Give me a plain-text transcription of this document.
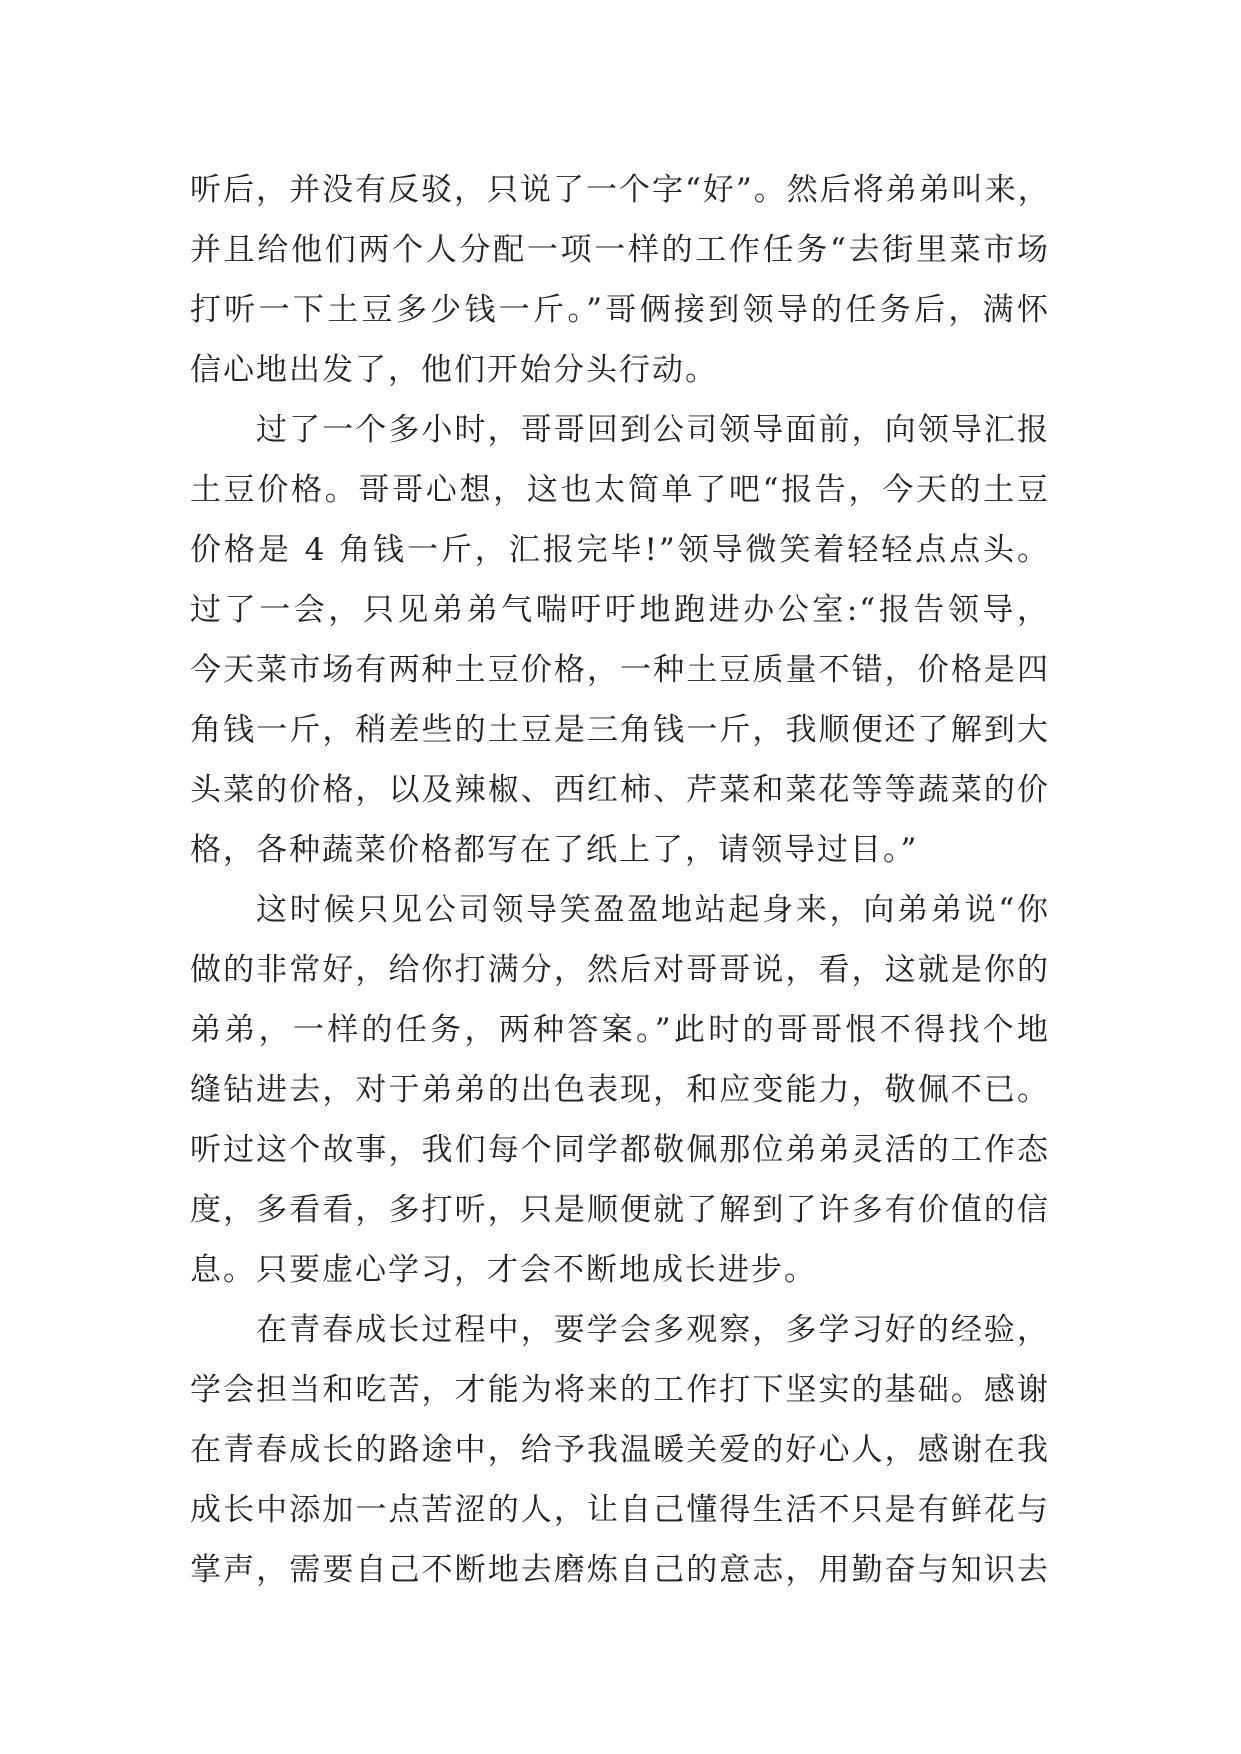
听后，并没有反驳，只说了一个字“好”。然后将弟弟叫来，
并且给他们两个人分配一项一样的工作任务“去街里菜市场
打听一下土豆多少钱一斤。”哥俩接到领导的任务后，满怀
信心地出发了，他们开始分头行动。
过了一个多小时，哥哥回到公司领导面前，向领导汇报
土豆价格。哥哥心想，这也太简单了吧“报告，今天的土豆
价格是 4 角钱一斤，汇报完毕!”领导微笑着轻轻点点头。
过了一会，只见弟弟气喘吁吁地跑进办公室:“报告领导，
今天菜市场有两种土豆价格，一种土豆质量不错，价格是四
角钱一斤，稍差些的土豆是三角钱一斤，我顺便还了解到大
头菜的价格，以及辣椒、西红柿、芹菜和菜花等等蔬菜的价
格，各种蔬菜价格都写在了纸上了，请领导过目。”
这时候只见公司领导笑盈盈地站起身来，向弟弟说“你
做的非常好，给你打满分，然后对哥哥说，看，这就是你的
弟弟，一样的任务，两种答案。”此时的哥哥恨不得找个地
缝钻进去，对于弟弟的出色表现，和应变能力，敬佩不已。
听过这个故事，我们每个同学都敬佩那位弟弟灵活的工作态
度，多看看，多打听，只是顺便就了解到了许多有价值的信
息。只要虚心学习，才会不断地成长进步。
在青春成长过程中，要学会多观察，多学习好的经验，
学会担当和吃苦，才能为将来的工作打下坚实的基础。感谢
在青春成长的路途中，给予我温暖关爱的好心人，感谢在我
成长中添加一点苦涩的人，让自己懂得生活不只是有鲜花与
掌声，需要自己不断地去磨炼自己的意志，用勤奋与知识去
